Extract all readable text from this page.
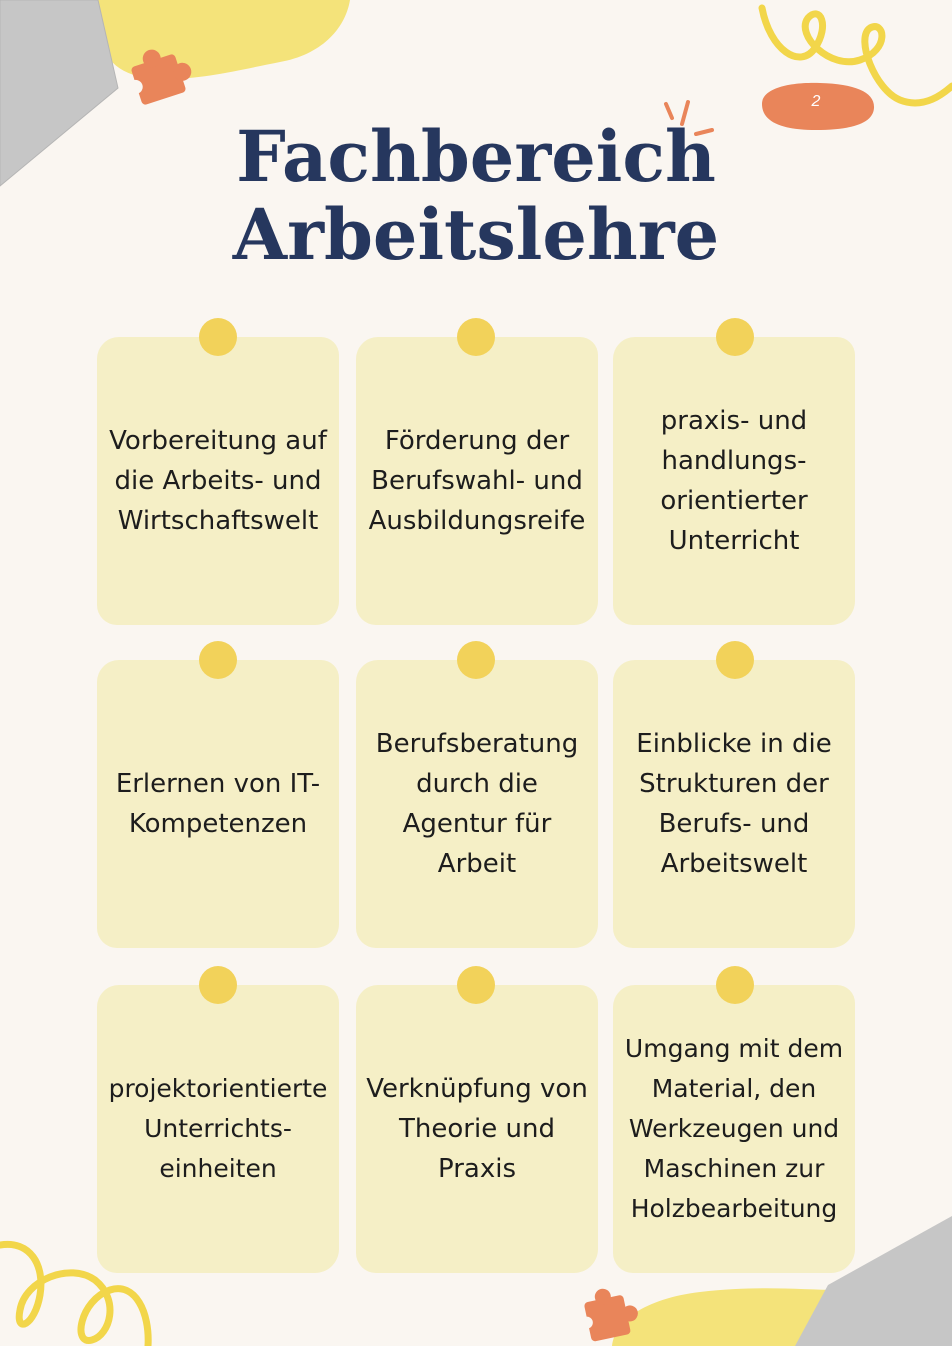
2
Fachbereich
Arbeitslehre
Vorbereitung auf die Arbeits- und Wirtschaftswelt
Förderung der Berufswahl- und Ausbildungsreife
praxis- und handlungs-orientierter Unterricht
Erlernen von IT-Kompetenzen
Berufsberatung durch die Agentur für Arbeit
Einblicke in die Strukturen der Berufs- und Arbeitswelt
projektorientierte Unterrichts-einheiten
Verknüpfung von Theorie und Praxis
Umgang mit dem Material, den Werkzeugen und Maschinen zur Holzbearbeitung
